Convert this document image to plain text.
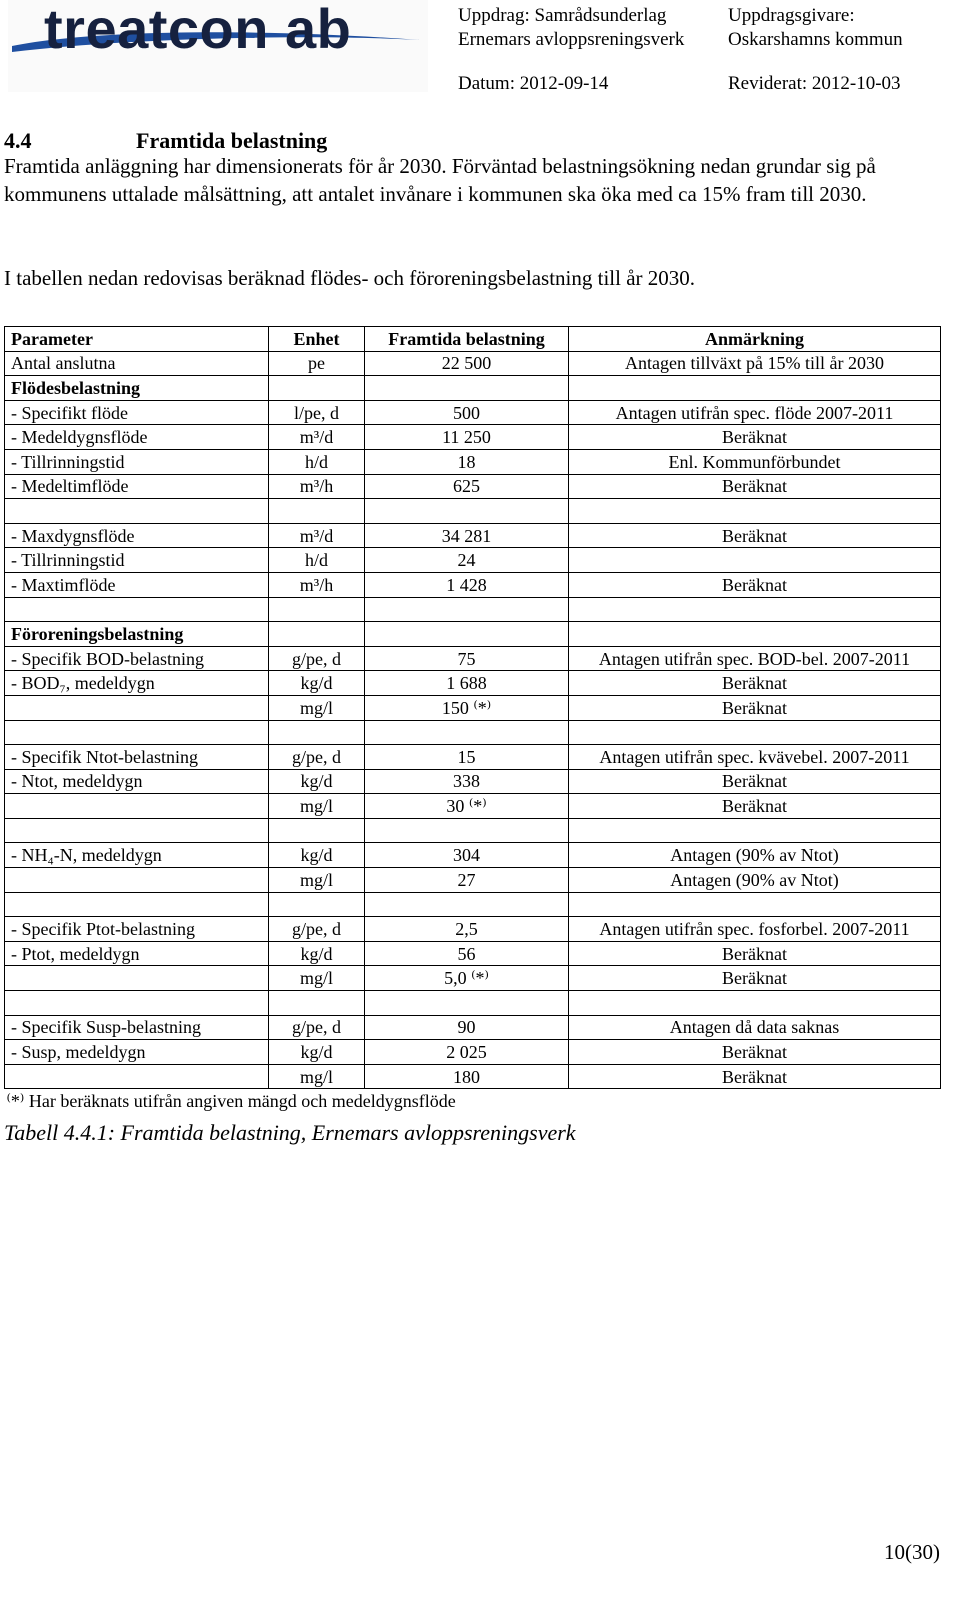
treatcon ab	Uppdrag: Samrådsunderlag
Ernemars avloppsreningsverk
Uppdragsgivare:
Oskarshamns kommun
Datum: 2012-09-14	Reviderat: 2012-10-03
4.4	Framtida belastning
Framtida anläggning har dimensionerats för år 2030. Förväntad belastningsökning nedan grundar sig på kommunens uttalade målsättning, att antalet invånare i kommunen ska öka med ca 15% fram till 2030.
I tabellen nedan redovisas beräknad flödes- och föroreningsbelastning till år 2030.
Parameter	Enhet	Framtida belastning	Anmärkning
Antal anslutna	pe	22 500	Antagen tillväxt på 15% till år 2030
Flödesbelastning			
- Specifikt flöde	l/pe, d	500	Antagen utifrån spec. flöde 2007-2011
- Medeldygnsflöde	m³/d	11 250	Beräknat
- Tillrinningstid	h/d	18	Enl. Kommunförbundet
- Medeltimflöde	m³/h	625	Beräknat

- Maxdygnsflöde	m³/d	34 281	Beräknat
- Tillrinningstid	h/d	24	
- Maxtimflöde	m³/h	1 428	Beräknat

Föroreningsbelastning			
- Specifik BOD-belastning	g/pe, d	75	Antagen utifrån spec. BOD-bel. 2007-2011
- BOD₇, medeldygn	kg/d	1 688	Beräknat
	mg/l	150 ⁽*⁾	Beräknat

- Specifik Ntot-belastning	g/pe, d	15	Antagen utifrån spec. kvävebel. 2007-2011
- Ntot, medeldygn	kg/d	338	Beräknat
	mg/l	30 ⁽*⁾	Beräknat

- NH₄-N, medeldygn	kg/d	304	Antagen (90% av Ntot)
	mg/l	27	Antagen (90% av Ntot)

- Specifik Ptot-belastning	g/pe, d	2,5	Antagen utifrån spec. fosforbel. 2007-2011
- Ptot, medeldygn	kg/d	56	Beräknat
	mg/l	5,0 ⁽*⁾	Beräknat

- Specifik Susp-belastning	g/pe, d	90	Antagen då data saknas
- Susp, medeldygn	kg/d	2 025	Beräknat
	mg/l	180	Beräknat
⁽*⁾ Har beräknats utifrån angiven mängd och medeldygnsflöde			
Tabell 4.4.1: Framtida belastning, Ernemars avloppsreningsverk
10(30)
